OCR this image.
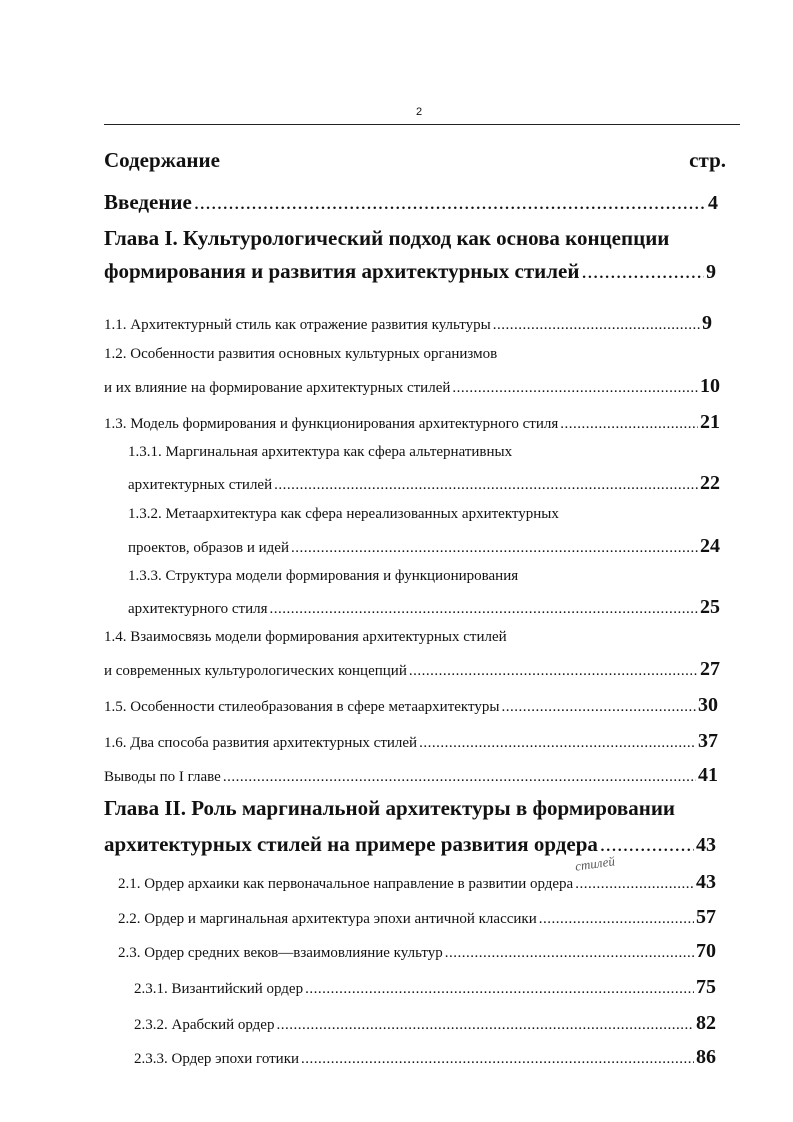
2
Содержание	стр.
Введение .....	4
Глава I. Культурологический подход как основа концепции
формирования и развития архитектурных стилей .....	9
1.1. Архитектурный стиль как отражение развития культуры .....	9
1.2. Особенности развития основных культурных организмов
и их влияние на формирование архитектурных стилей .....	10
1.3. Модель формирования и функционирования архитектурного стиля .....	21
1.3.1. Маргинальная архитектура как сфера альтернативных
архитектурных стилей .....	22
1.3.2. Метаархитектура как сфера нереализованных архитектурных
проектов, образов и идей .....	24
1.3.3. Структура модели формирования и функционирования
архитектурного стиля .....	25
1.4. Взаимосвязь модели формирования архитектурных стилей
и современных культурологических концепций .....	27
1.5. Особенности стилеобразования в сфере метаархитектуры .....	30
1.6. Два способа развития архитектурных стилей .....	37
Выводы по I главе .....	41
Глава II. Роль маргинальной архитектуры в формировании
архитектурных стилей на примере развития ордера .....	43
стилей
2.1. Ордер архаики как первоначальное направление в развитии ордера .....	43
2.2. Ордер и маргинальная архитектура эпохи античной классики .....	57
2.3. Ордер средних веков—взаимовлияние культур .....	70
2.3.1. Византийский ордер .....	75
2.3.2. Арабский ордер .....	82
2.3.3. Ордер эпохи готики .....	86
